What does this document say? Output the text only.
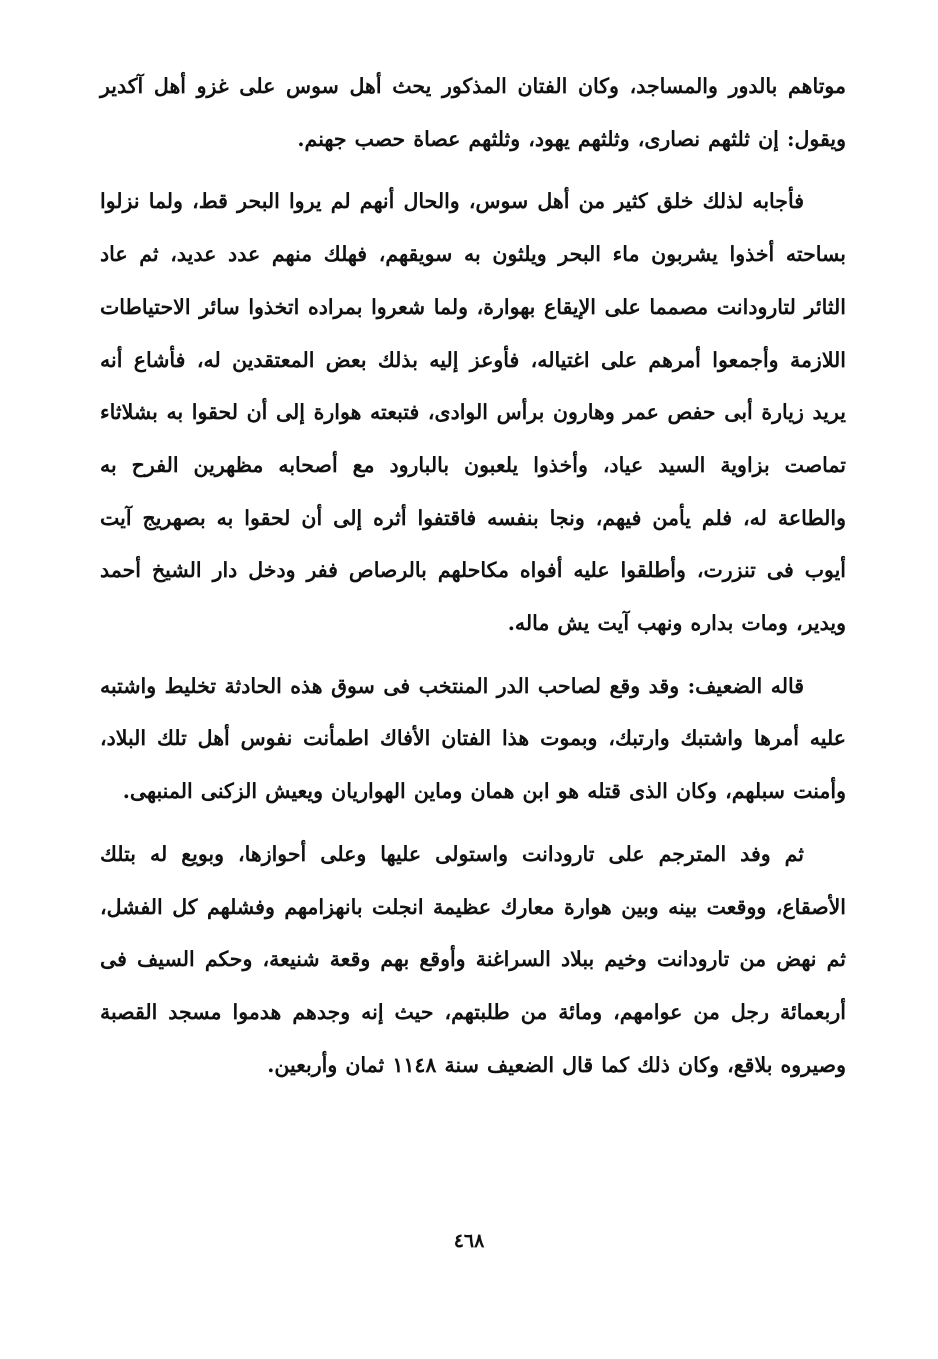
موتاهم بالدور والمساجد، وكان الفتان المذكور يحث أهل سوس على غزو أهل آكدير ويقول: إن ثلثهم نصارى، وثلثهم يهود، وثلثهم عصاة حصب جهنم.

فأجابه لذلك خلق كثير من أهل سوس، والحال أنهم لم يروا البحر قط، ولما نزلوا بساحته أخذوا يشربون ماء البحر ويلثون به سويقهم، فهلك منهم عدد عديد، ثم عاد الثائر لتارودانت مصمما على الإيقاع بهوارة، ولما شعروا بمراده اتخذوا سائر الاحتياطات اللازمة وأجمعوا أمرهم على اغتياله، فأوعز إليه بذلك بعض المعتقدين له، فأشاع أنه يريد زيارة أبى حفص عمر وهارون برأس الوادى، فتبعته هوارة إلى أن لحقوا به بشلاثاء تماصت بزاوية السيد عياد، وأخذوا يلعبون بالبارود مع أصحابه مظهرين الفرح به والطاعة له، فلم يأمن فيهم، ونجا بنفسه فاقتفوا أثره إلى أن لحقوا به بصهريج آيت أيوب فى تنزرت، وأطلقوا عليه أفواه مكاحلهم بالرصاص ففر ودخل دار الشيخ أحمد ويدير، ومات بداره ونهب آيت يش ماله.

قاله الضعيف: وقد وقع لصاحب الدر المنتخب فى سوق هذه الحادثة تخليط واشتبه عليه أمرها واشتبك وارتبك، وبموت هذا الفتان الأفاك اطمأنت نفوس أهل تلك البلاد، وأمنت سبلهم، وكان الذى قتله هو ابن همان وماين الهواريان ويعيش الزكنى المنبهى.

ثم وفد المترجم على تارودانت واستولى عليها وعلى أحوازها، وبويع له بتلك الأصقاع، ووقعت بينه وبين هوارة معارك عظيمة انجلت بانهزامهم وفشلهم كل الفشل، ثم نهض من تارودانت وخيم ببلاد السراغنة وأوقع بهم وقعة شنيعة، وحكم السيف فى أربعمائة رجل من عوامهم، ومائة من طلبتهم، حيث إنه وجدهم هدموا مسجد القصبة وصيروه بلاقع، وكان ذلك كما قال الضعيف سنة ١١٤٨ ثمان وأربعين.

٤٦٨
